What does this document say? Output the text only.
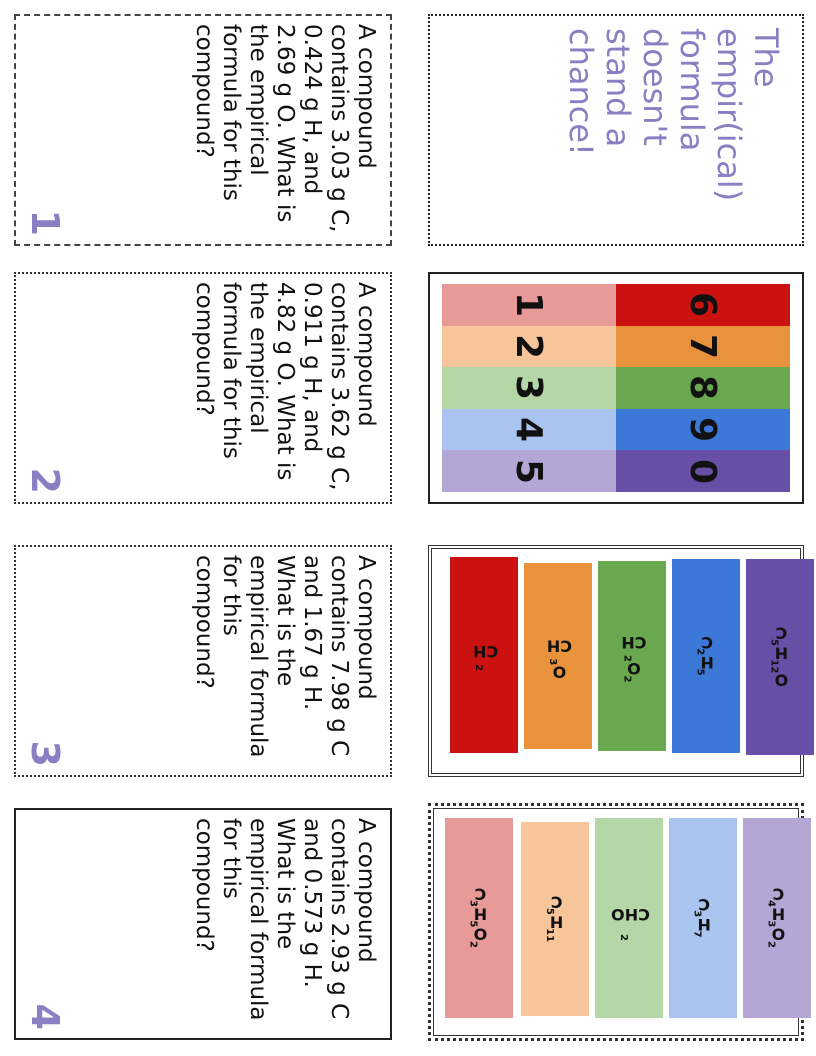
A compound contains 3.03 g C, 0.424 g H, and 2.69 g O. What is the empirical formula for this compound?
1
A compound contains 3.62 g C, 0.911 g H, and 4.82 g O. What is the empirical formula for this compound?
2
A compound contains 7.98 g C and 1.67 g H. What is the empirical formula for this compound?
3
A compound contains 2.93 g C and 0.573 g H. What is the empirical formula for this compound?
4
The empir(ical) formula doesn't stand a chance!
1	6
2	7
3	8
4	9
5	0
$CH_2$
$CH_3O$
$CH_2O_2$
$C_2H_5$
$C_5H_{12}O$
$C_3H_5O_2$
$C_5H_{11}$
$CHO_2$
$C_3H_7$
$C_4H_3O_2$
